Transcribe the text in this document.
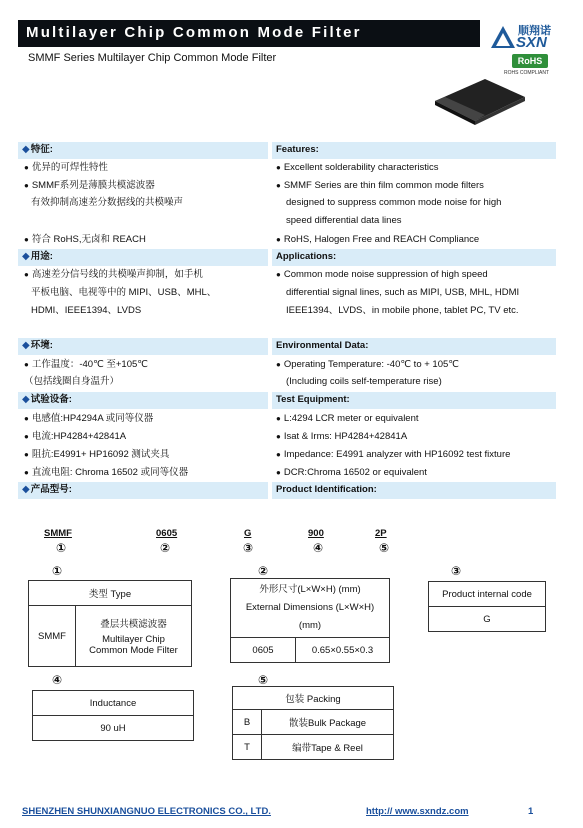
Multilayer Chip Common Mode Filter
SMMF Series Multilayer Chip Common Mode Filter
顺翔诺
SXN
RoHS
ROHS COMPLIANT
◆特征:	Features:
● 优异的可焊性特性
● SMMF系列是薄膜共模滤波器
有效抑制高速差分数据线的共模噪声
● 符合 RoHS,无卤和 REACH
● Excellent solderability characteristics
● SMMF Series are thin film common mode filters
designed to suppress common mode noise for high
speed differential data lines
● RoHS, Halogen Free and REACH Compliance
◆用途:	Applications:
● 高速差分信号线的共模噪声抑制，如手机
平板电脑、电视等中的 MIPI、USB、MHL、
HDMI、IEEE1394、LVDS
● Common mode noise suppression of high speed
differential signal lines, such as MIPI, USB, MHL, HDMI
IEEE1394、LVDS、in mobile phone, tablet PC, TV etc.
◆环境:	Environmental Data:
● 工作温度：-40℃ 至+105℃
（包括线圈自身温升）
● Operating Temperature: -40℃ to + 105℃
(Including coils self-temperature rise)
◆试验设备:	Test Equipment:
● 电感值:HP4294A 或同等仪器
● 电流:HP4284+42841A
● 阻抗:E4991+ HP16092 测试夹具
● 直流电阻: Chroma 16502 或同等仪器
● L:4294 LCR meter or equivalent
● Isat & Irms: HP4284+42841A
● Impedance: E4991 analyzer with HP16092 test fixture
● DCR:Chroma 16502 or equivalent
◆产品型号:	Product Identification:
SMMF	0605	G	900	2P
①	②	③	④	⑤
①
类型 Type
SMMF	
叠层共模滤波器
Multilayer Chip
Common Mode Filter
②
外形尺寸(L×W×H) (mm)
External Dimensions (L×W×H)
(mm)

0605	0.65×0.55×0.3
③
Product internal code
G
④
Inductance
90 uH
⑤
包装 Packing	
B	散装Bulk Package
T	编带Tape & Reel
SHENZHEN SHUNXIANGNUO ELECTRONICS CO., LTD.	http:// www.sxndz.com	1
